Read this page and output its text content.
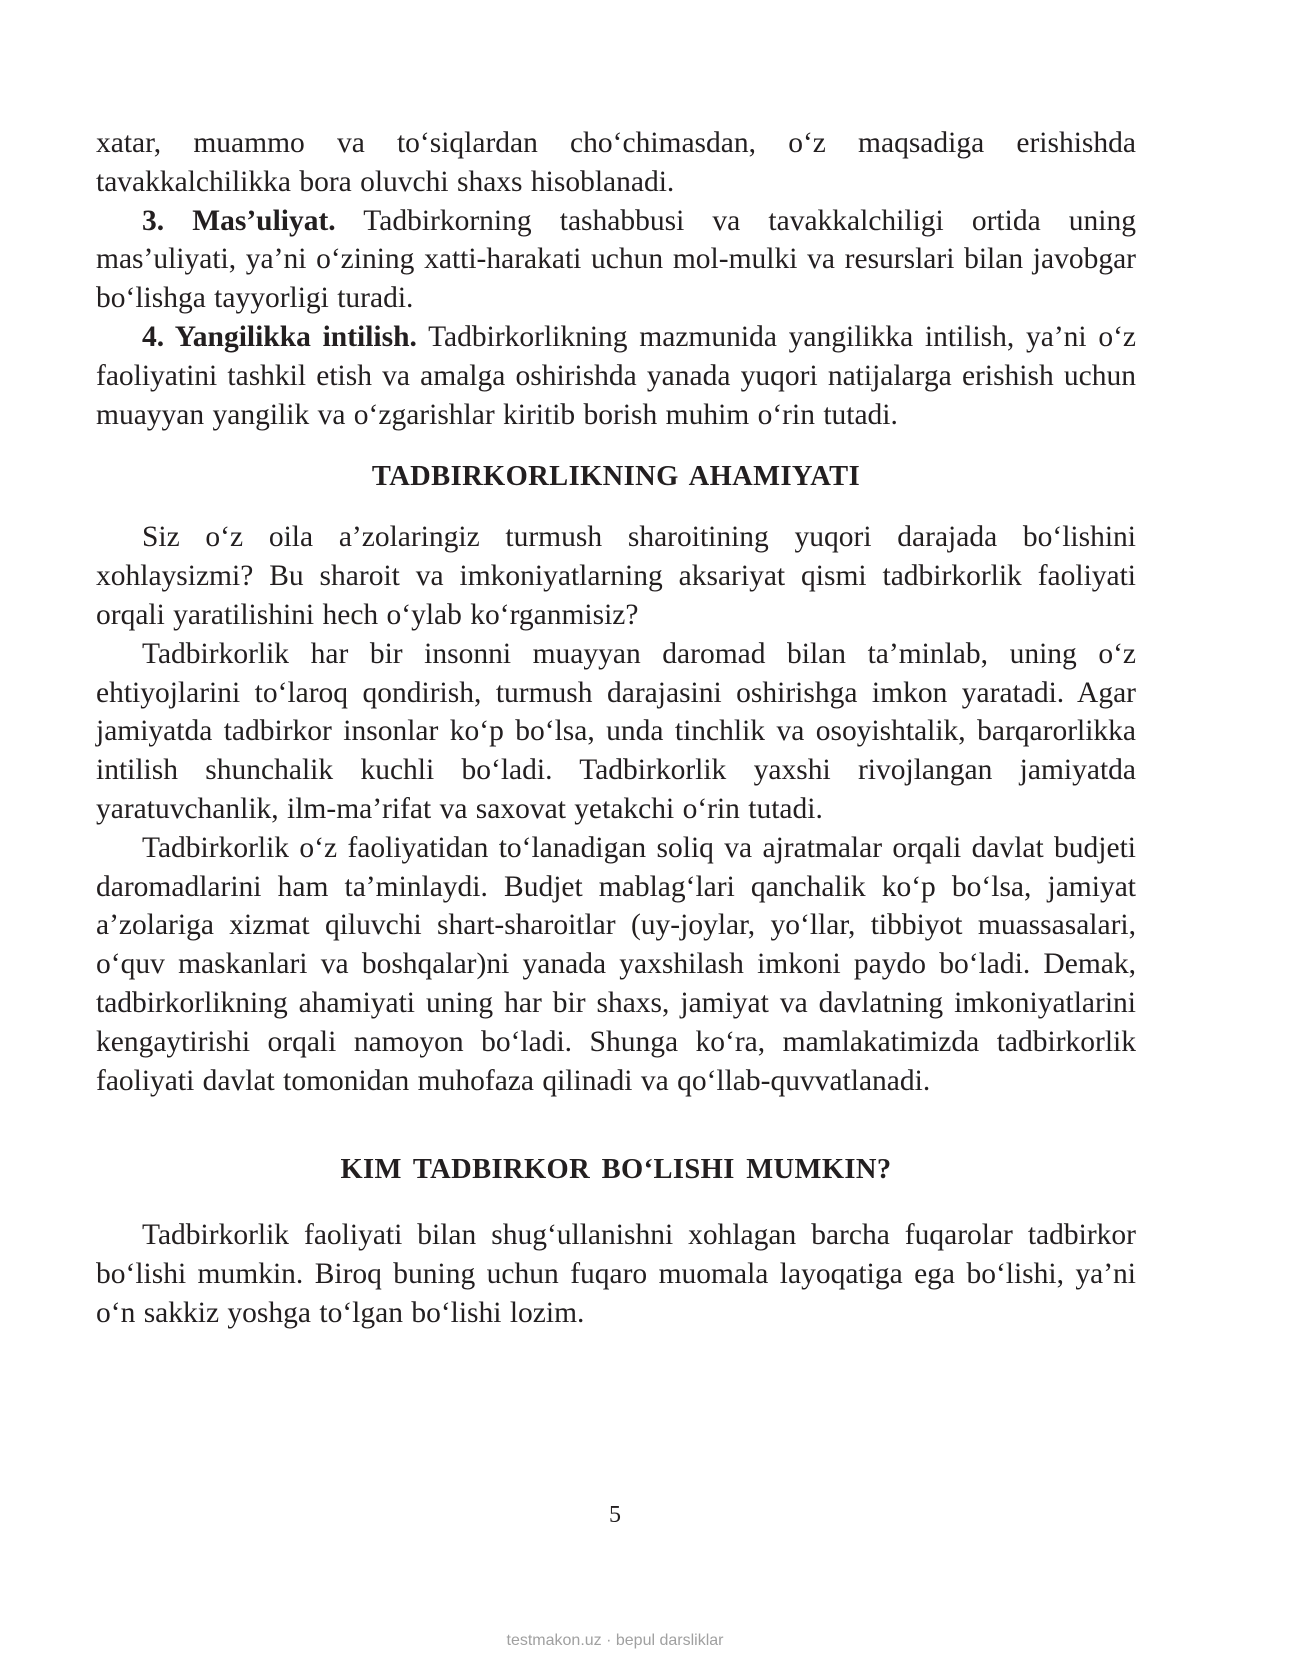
xatar, muammo va to‘siqlardan cho‘chimasdan, o‘z maqsadiga erishishda tavakkalchilikka bora oluvchi shaxs hisoblanadi.

3. Mas’uliyat. Tadbirkorning tashabbusi va tavakkalchiligi ortida uning mas’uliyati, ya’ni o‘zining xatti-harakati uchun mol-mulki va resurslari bilan javobgar bo‘lishga tayyorligi turadi.

4. Yangilikka intilish. Tadbirkorlikning mazmunida yangilikka intilish, ya’ni o‘z faoliyatini tashkil etish va amalga oshirishda yanada yuqori natijalarga erishish uchun muayyan yangilik va o‘zgarishlar kiritib borish muhim o‘rin tutadi.

TADBIRKORLIKNING AHAMIYATI

Siz o‘z oila a’zolaringiz turmush sharoitining yuqori darajada bo‘lishini xohlaysizmi? Bu sharoit va imkoniyatlarning aksariyat qismi tadbirkorlik faoliyati orqali yaratilishini hech o‘ylab ko‘rganmisiz?

Tadbirkorlik har bir insonni muayyan daromad bilan ta’minlab, uning o‘z ehtiyojlarini to‘laroq qondirish, turmush darajasini oshirishga imkon yaratadi. Agar jamiyatda tadbirkor insonlar ko‘p bo‘lsa, unda tinchlik va osoyishtalik, barqarorlikka intilish shunchalik kuchli bo‘ladi. Tadbirkorlik yaxshi rivojlangan jamiyatda yaratuvchanlik, ilm-ma’rifat va saxovat yetakchi o‘rin tutadi.

Tadbirkorlik o‘z faoliyatidan to‘lanadigan soliq va ajratmalar orqali davlat budjeti daromadlarini ham ta’minlaydi. Budjet mablag‘lari qanchalik ko‘p bo‘lsa, jamiyat a’zolariga xizmat qiluvchi shart-sharoitlar (uy-joylar, yo‘llar, tibbiyot muassasalari, o‘quv maskanlari va boshqalar)ni yanada yaxshilash imkoni paydo bo‘ladi. Demak, tadbirkorlikning ahamiyati uning har bir shaxs, jamiyat va davlatning imkoniyatlarini kengaytirishi orqali namoyon bo‘ladi. Shunga ko‘ra, mamlakatimizda tadbirkorlik faoliyati davlat tomonidan muhofaza qilinadi va qo‘llab-quvvatlanadi.

KIM TADBIRKOR BO‘LISHI MUMKIN?

Tadbirkorlik faoliyati bilan shug‘ullanishni xohlagan barcha fuqarolar tadbirkor bo‘lishi mumkin. Biroq buning uchun fuqaro muomala layoqatiga ega bo‘lishi, ya’ni o‘n sakkiz yoshga to‘lgan bo‘lishi lozim.

5
testmakon.uz · bepul darsliklar
